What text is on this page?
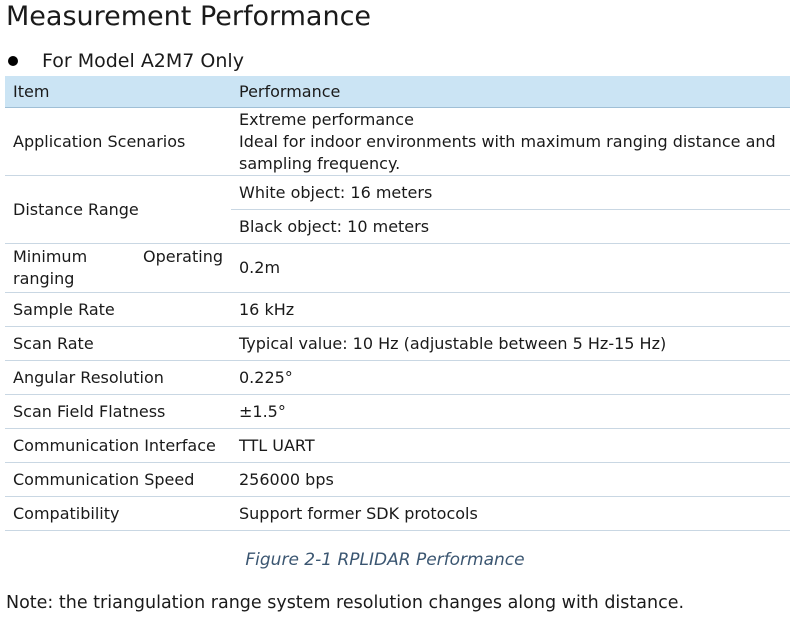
Measurement Performance
For Model A2M7 Only
Item	Performance
Application Scenarios	Extreme performance
Ideal for indoor environments with maximum ranging distance and sampling frequency.

Distance Range	White object: 16 meters
	Black object: 10 meters

Minimum Operating
ranging	0.2m
Sample Rate	16 kHz
Scan Rate	Typical value: 10 Hz (adjustable between 5 Hz-15 Hz)
Angular Resolution	0.225°
Scan Field Flatness	±1.5°
Communication Interface	TTL UART
Communication Speed	256000 bps
Compatibility	Support former SDK protocols
Figure 2-1 RPLIDAR Performance
Note: the triangulation range system resolution changes along with distance.
